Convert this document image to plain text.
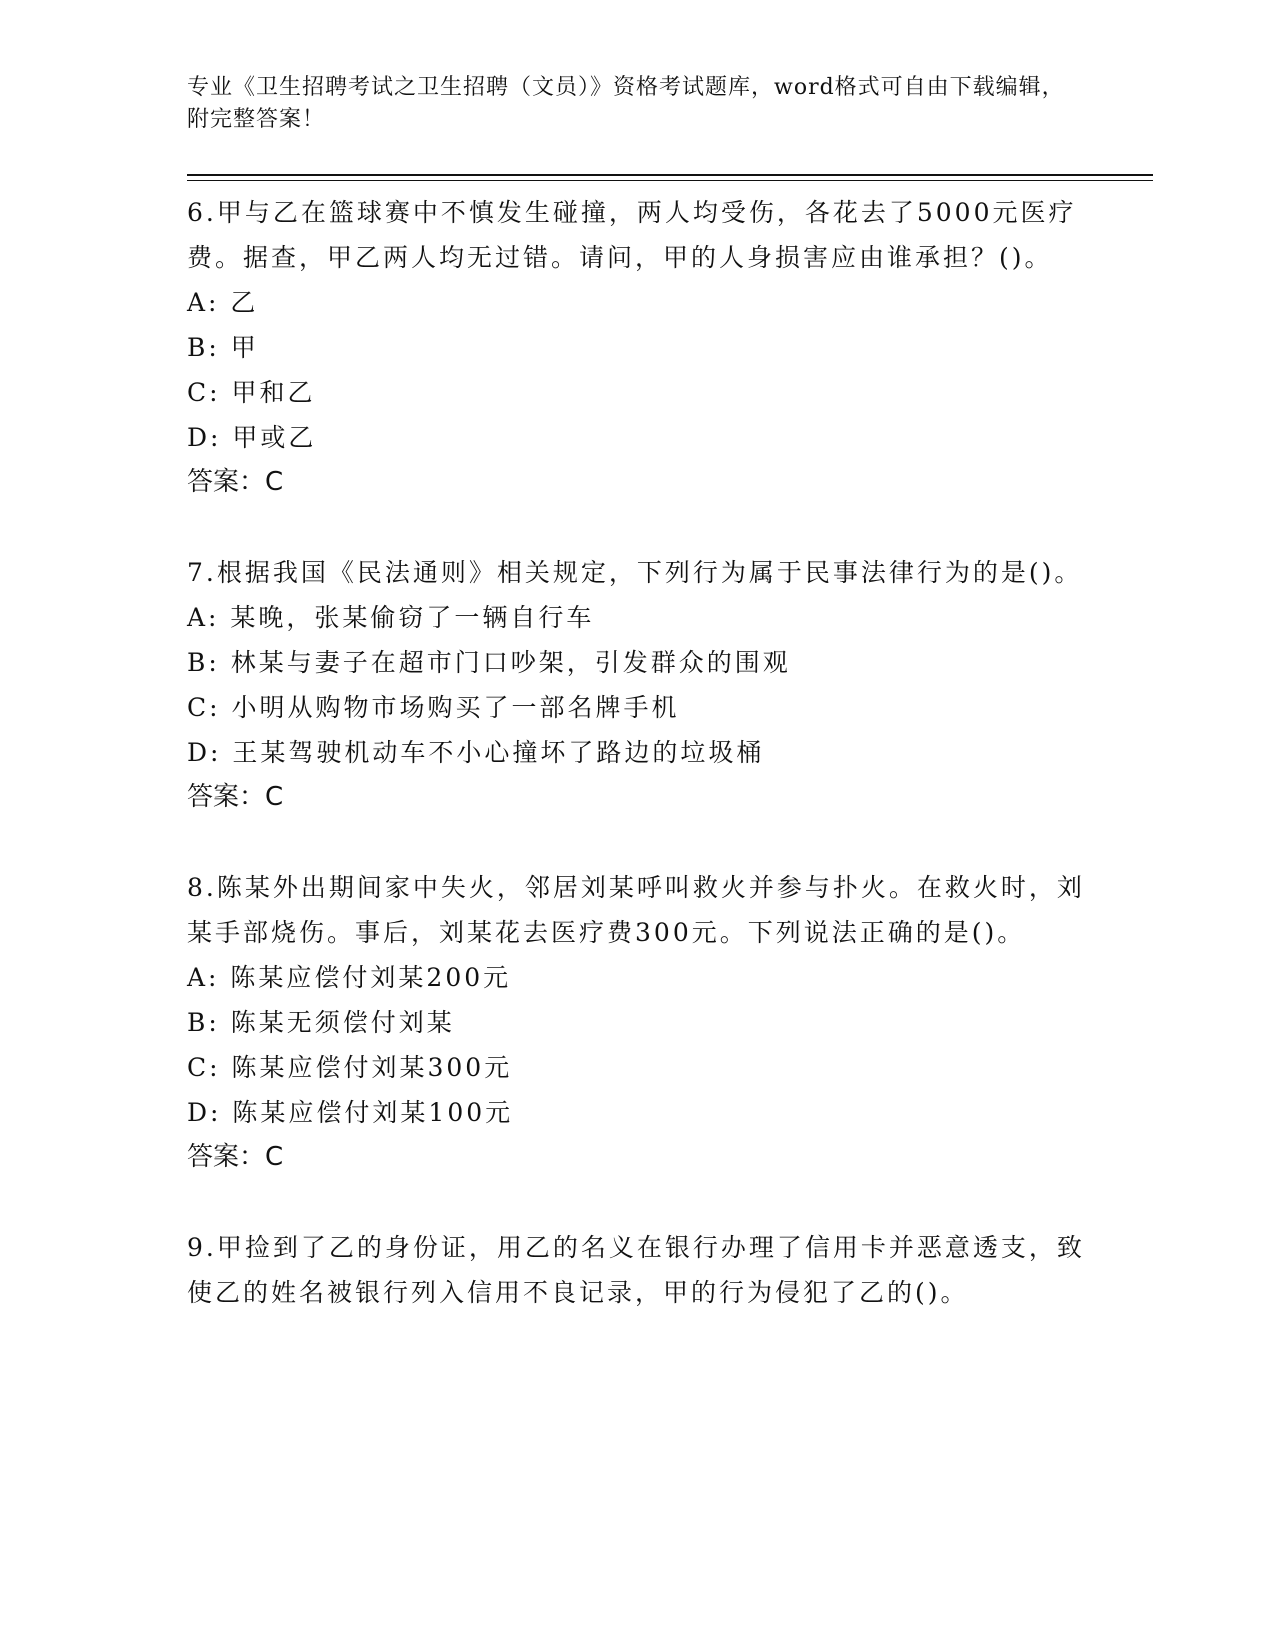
专业《卫生招聘考试之卫生招聘（文员）》资格考试题库，word格式可自由下载编辑，附完整答案！

6.甲与乙在篮球赛中不慎发生碰撞，两人均受伤，各花去了5000元医疗费。据查，甲乙两人均无过错。请问，甲的人身损害应由谁承担？()。

A: 乙

B: 甲

C: 甲和乙

D: 甲或乙

答案：C

7.根据我国《民法通则》相关规定，下列行为属于民事法律行为的是()。

A: 某晚，张某偷窃了一辆自行车

B: 林某与妻子在超市门口吵架，引发群众的围观

C: 小明从购物市场购买了一部名牌手机

D: 王某驾驶机动车不小心撞坏了路边的垃圾桶

答案：C

8.陈某外出期间家中失火，邻居刘某呼叫救火并参与扑火。在救火时，刘某手部烧伤。事后，刘某花去医疗费300元。下列说法正确的是()。

A: 陈某应偿付刘某200元

B: 陈某无须偿付刘某

C: 陈某应偿付刘某300元

D: 陈某应偿付刘某100元

答案：C

9.甲捡到了乙的身份证，用乙的名义在银行办理了信用卡并恶意透支，致使乙的姓名被银行列入信用不良记录，甲的行为侵犯了乙的()。
